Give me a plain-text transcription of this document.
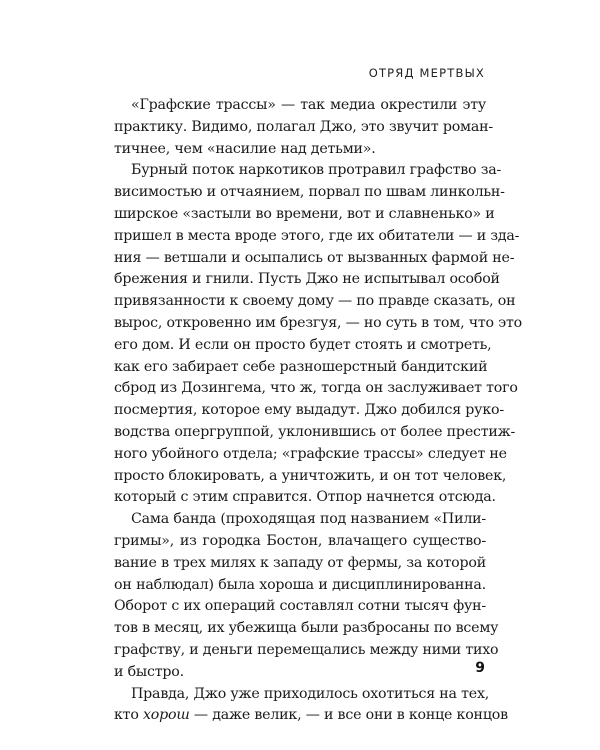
ОТРЯД МЕРТВЫХ
«Графские трассы» — так медиа окрестили эту
практику. Видимо, полагал Джо, это звучит роман-
тичнее, чем «насилие над детьми».
Бурный поток наркотиков протравил графство за-
висимостью и отчаянием, порвал по швам линкольн-
ширское «застыли во времени, вот и славненько» и
пришел в места вроде этого, где их обитатели — и зда-
ния — ветшали и осыпались от вызванных фармой не-
брежения и гнили. Пусть Джо не испытывал особой
привязанности к своему дому — по правде сказать, он
вырос, откровенно им брезгуя, — но суть в том, что это
его дом. И если он просто будет стоять и смотреть,
как его забирает себе разношерстный бандитский
сброд из Дозингема, что ж, тогда он заслуживает того
посмертия, которое ему выдадут. Джо добился руко-
водства опергруппой, уклонившись от более престиж-
ного убойного отдела; «графские трассы» следует не
просто блокировать, а уничтожить, и он тот человек,
который с этим справится. Отпор начнется отсюда.
Сама банда (проходящая под названием «Пили-
гримы», из городка Бостон, влачащего существо-
вание в трех милях к западу от фермы, за которой
он наблюдал) была хороша и дисциплинированна.
Оборот с их операций составлял сотни тысяч фун-
тов в месяц, их убежища были разбросаны по всему
графству, и деньги перемещались между ними тихо
и быстро.
Правда, Джо уже приходилось охотиться на тех,
кто хорош — даже велик, — и все они в конце концов
9
